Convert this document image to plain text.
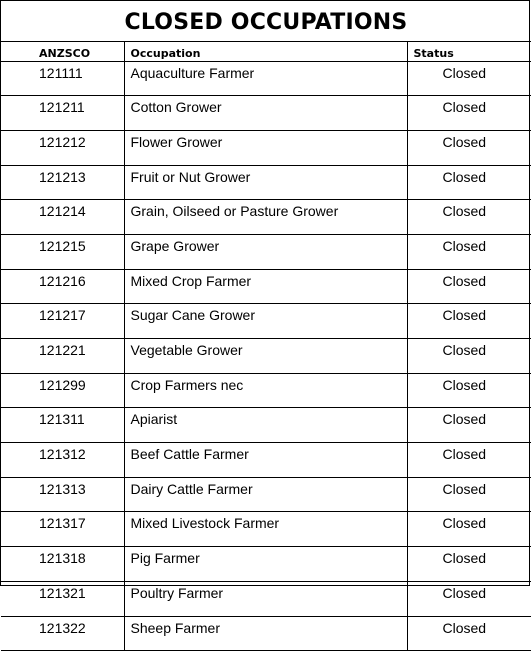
CLOSED OCCUPATIONS
ANZSCO	Occupation	Status
121111	Aquaculture Farmer	Closed
121211	Cotton Grower	Closed
121212	Flower Grower	Closed
121213	Fruit or Nut Grower	Closed
121214	Grain, Oilseed or Pasture Grower	Closed
121215	Grape Grower	Closed
121216	Mixed Crop Farmer	Closed
121217	Sugar Cane Grower	Closed
121221	Vegetable Grower	Closed
121299	Crop Farmers nec	Closed
121311	Apiarist	Closed
121312	Beef Cattle Farmer	Closed
121313	Dairy Cattle Farmer	Closed
121317	Mixed Livestock Farmer	Closed
121318	Pig Farmer	Closed
121321	Poultry Farmer	Closed
121322	Sheep Farmer	Closed
